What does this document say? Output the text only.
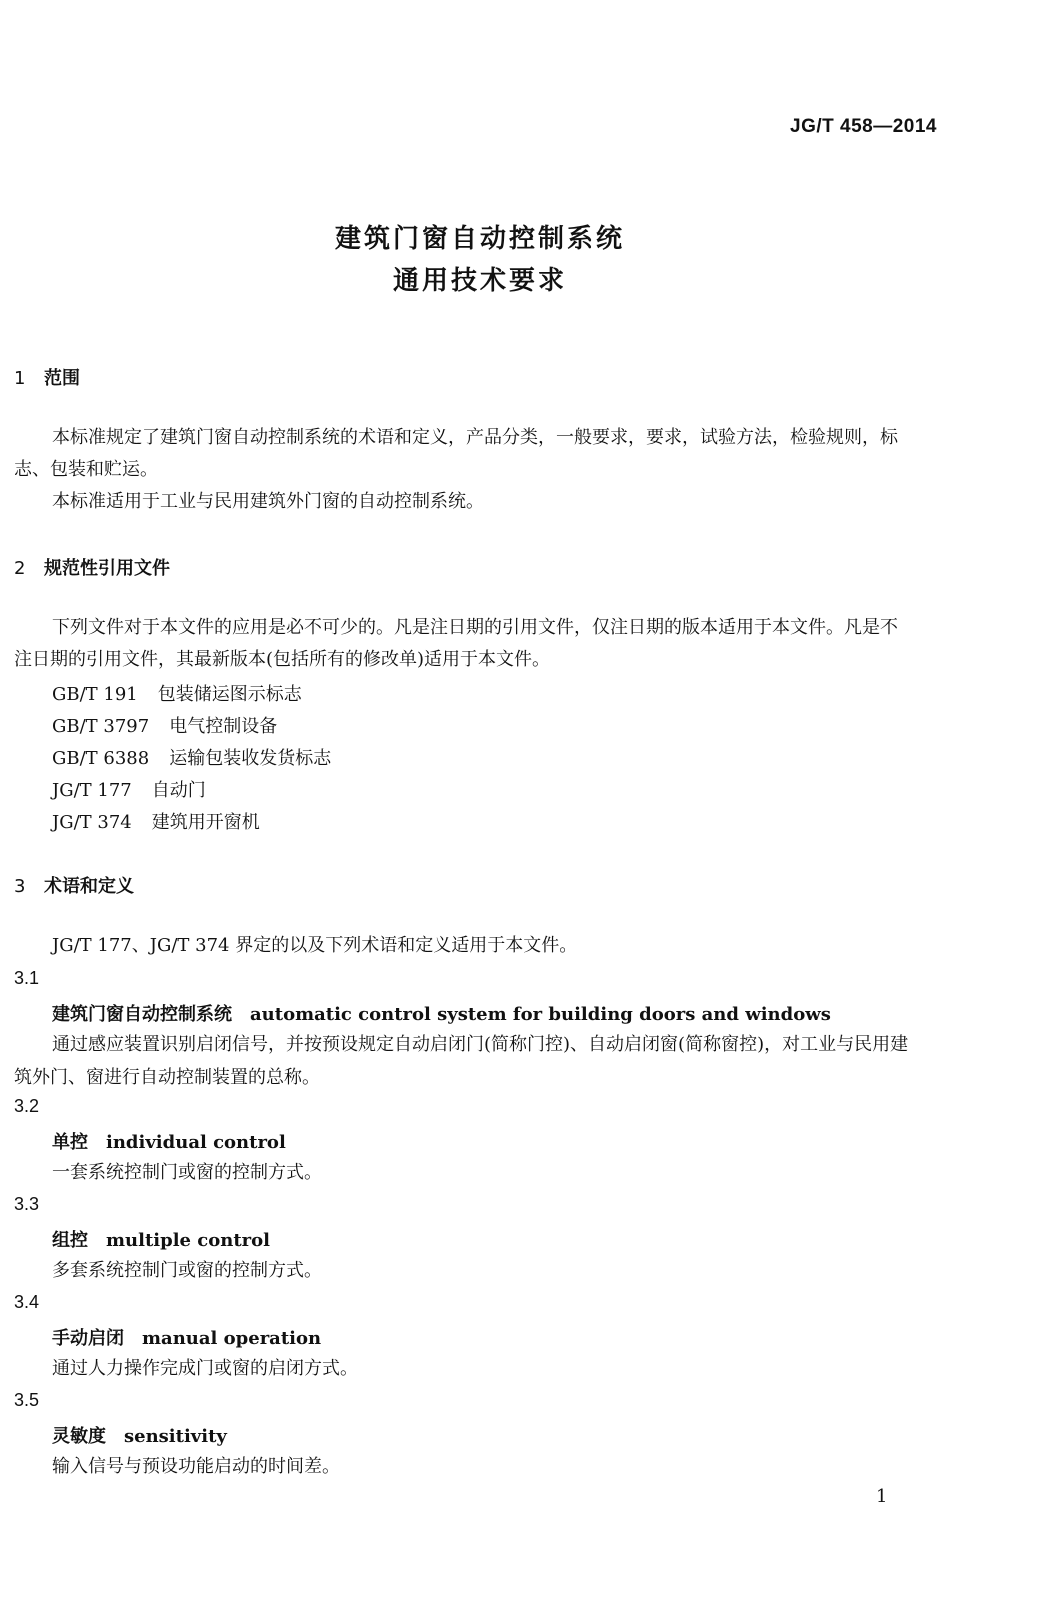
JG/T 458—2014
建筑门窗自动控制系统
通用技术要求
1 范围
本标准规定了建筑门窗自动控制系统的术语和定义，产品分类，一般要求，要求，试验方法，检验规则，标志、包装和贮运。
本标准适用于工业与民用建筑外门窗的自动控制系统。
2 规范性引用文件
下列文件对于本文件的应用是必不可少的。凡是注日期的引用文件，仅注日期的版本适用于本文件。凡是不注日期的引用文件，其最新版本(包括所有的修改单)适用于本文件。
GB/T 191 包装储运图示标志
GB/T 3797 电气控制设备
GB/T 6388 运输包装收发货标志
JG/T 177 自动门
JG/T 374 建筑用开窗机
3 术语和定义
JG/T 177、JG/T 374 界定的以及下列术语和定义适用于本文件。
3.1
建筑门窗自动控制系统 automatic control system for building doors and windows
通过感应装置识别启闭信号，并按预设规定自动启闭门(简称门控)、自动启闭窗(简称窗控)，对工业与民用建筑外门、窗进行自动控制装置的总称。
3.2
单控 individual control
一套系统控制门或窗的控制方式。
3.3
组控 multiple control
多套系统控制门或窗的控制方式。
3.4
手动启闭 manual operation
通过人力操作完成门或窗的启闭方式。
3.5
灵敏度 sensitivity
输入信号与预设功能启动的时间差。
1
